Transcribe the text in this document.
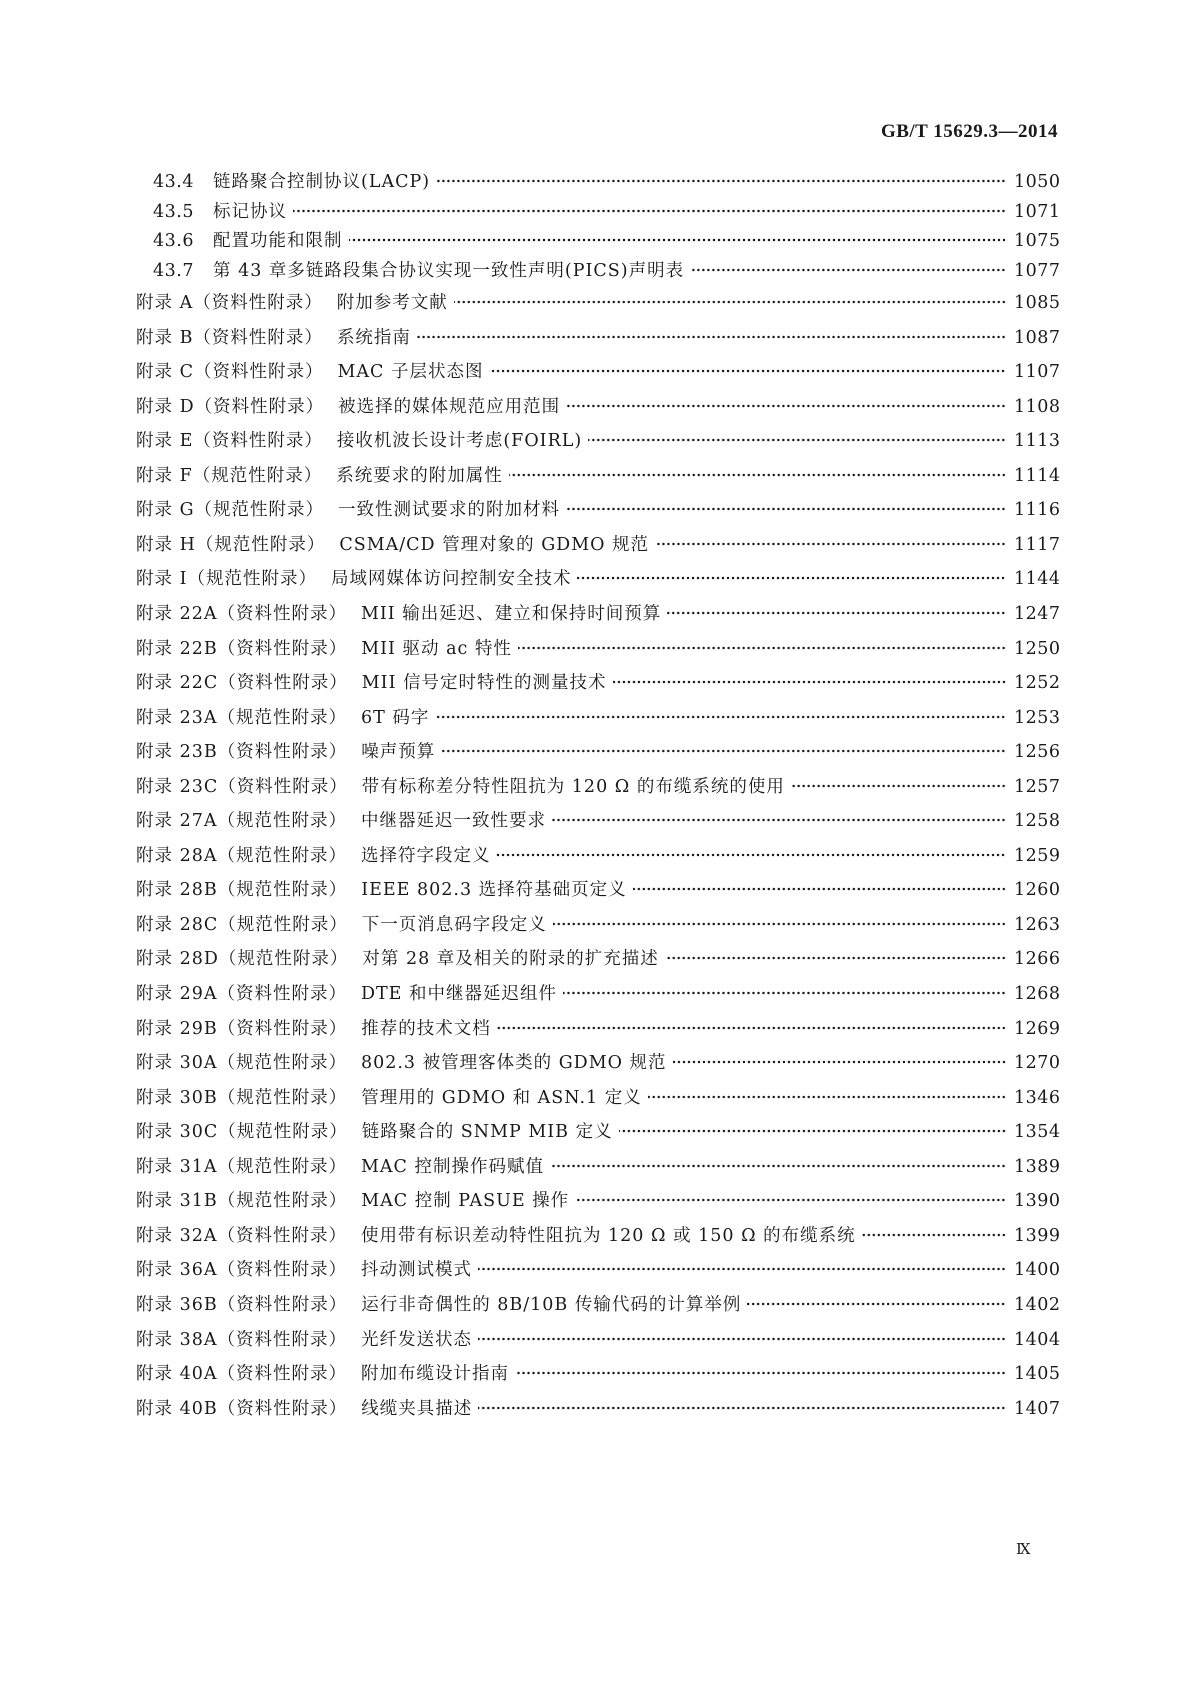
GB/T 15629.3—2014
43.4	链路聚合控制协议(LACP)	1050
43.5	标记协议	1071
43.6	配置功能和限制	1075
43.7	第 43 章多链路段集合协议实现一致性声明(PICS)声明表	1077
附录 A（资料性附录） 附加参考文献	1085
附录 B（资料性附录） 系统指南	1087
附录 C（资料性附录） MAC 子层状态图	1107
附录 D（资料性附录） 被选择的媒体规范应用范围	1108
附录 E（资料性附录） 接收机波长设计考虑(FOIRL)	1113
附录 F（规范性附录） 系统要求的附加属性	1114
附录 G（规范性附录） 一致性测试要求的附加材料	1116
附录 H（规范性附录） CSMA/CD 管理对象的 GDMO 规范	1117
附录 I（规范性附录） 局域网媒体访问控制安全技术	1144
附录 22A（资料性附录） MII 输出延迟、建立和保持时间预算	1247
附录 22B（资料性附录） MII 驱动 ac 特性	1250
附录 22C（资料性附录） MII 信号定时特性的测量技术	1252
附录 23A（规范性附录） 6T 码字	1253
附录 23B（资料性附录） 噪声预算	1256
附录 23C（资料性附录） 带有标称差分特性阻抗为 120 Ω 的布缆系统的使用	1257
附录 27A（规范性附录） 中继器延迟一致性要求	1258
附录 28A（规范性附录） 选择符字段定义	1259
附录 28B（规范性附录） IEEE 802.3 选择符基础页定义	1260
附录 28C（规范性附录） 下一页消息码字段定义	1263
附录 28D（规范性附录） 对第 28 章及相关的附录的扩充描述	1266
附录 29A（资料性附录） DTE 和中继器延迟组件	1268
附录 29B（资料性附录） 推荐的技术文档	1269
附录 30A（规范性附录） 802.3 被管理客体类的 GDMO 规范	1270
附录 30B（规范性附录） 管理用的 GDMO 和 ASN.1 定义	1346
附录 30C（规范性附录） 链路聚合的 SNMP MIB 定义	1354
附录 31A（规范性附录） MAC 控制操作码赋值	1389
附录 31B（规范性附录） MAC 控制 PASUE 操作	1390
附录 32A（资料性附录） 使用带有标识差动特性阻抗为 120 Ω 或 150 Ω 的布缆系统	1399
附录 36A（资料性附录） 抖动测试模式	1400
附录 36B（资料性附录） 运行非奇偶性的 8B/10B 传输代码的计算举例	1402
附录 38A（资料性附录） 光纤发送状态	1404
附录 40A（资料性附录） 附加布缆设计指南	1405
附录 40B（资料性附录） 线缆夹具描述	1407
Ⅸ
